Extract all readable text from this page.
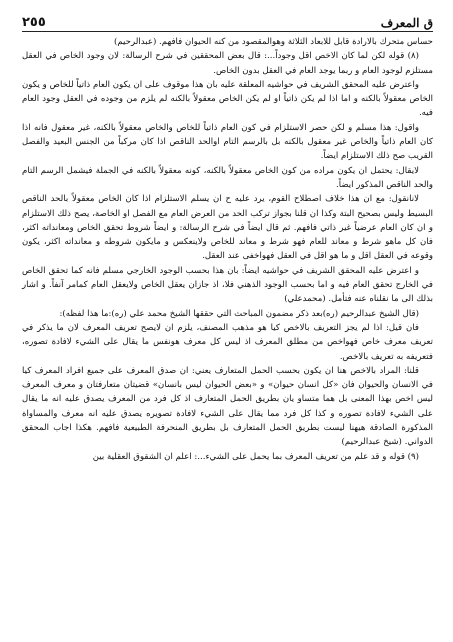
ق المعرف
٢٥٥

حساس متحرك بالارادة قابل للابعاد الثلاثة وهوالمقصود من كنه الحيوان فافهم. (عبدالرحيم)

(٨) قوله لكن لما كان الاخص اقل وجوداً...: قال بعض المحققين في شرح الرسالة: لان وجود الخاص في العقل مستلزم لوجود العام و ربما يوجد العام في العقل بدون الخاص.

واعترض عليه المحقق الشريف في حواشيه المعلقة عليه بان هذا موقوف على ان يكون العام ذاتياً للخاص و يكون الخاص معقولاً بالكنه و اما اذا لم يكن ذاتياً او لم يكن الخاص معقولاً بالكنه لم يلزم من وجوده في العقل وجود العام فيه.

واقول: هذا مسلم و لكن حصر الاستلزام في كون العام ذاتياً للخاص والخاص معقولاً بالكنه، غير معقول فانه اذا كان العام ذاتياً والخاص غير معقول بالكنه بل بالرسم التام اوالحد الناقص اذا كان مركباً من الجنس البعيد والفصل القريب صح ذلك الاستلزام ايضاً.

لايقال: يحتمل ان يكون مراده من كون الخاص معقولاً بالكنه، كونه معقولاً بالكنه في الجملة فيشمل الرسم التام والحد الناقص المذكور ايضاً.

لانانقول: مع ان هذا خلاف اصطلاح القوم، يرد عليه ح ان يسلم الاستلزام اذا كان الخاص معقولاً بالحد الناقص البسيط وليس بصحيح البتة وكذا ان قلنا بجواز تركب الحد من العرض العام مع الفصل او الخاصة، يصح ذلك الاستلزام و ان كان العام عرضياً غير ذاتي فافهم. ثم قال ايضاً في شرح الرسالة: و ايضاً شروط تحقق الخاص ومعانداته اكثر، فان كل ماهو شرط و معاند للعام فهو شرط و معاند للخاص ولاينعكس و مايكون شروطه و معانداته اكثر، يكون وقوعه في العقل اقل و ما هو اقل في العقل فهواخفى عند العقل.

و اعترض عليه المحقق الشريف في حواشيه ايضاً: بان هذا بحسب الوجود الخارجي مسلم فانه كما تحقق الخاص في الخارج تحقق العام فيه و اما بحسب الوجود الذهني فلا، اذ جازان يعقل الخاص ولايعقل العام كمامر آنفاً. و اشار بذلك الى ما نقلناه عنه فتأمل. (محمدعلي)

(قال الشيخ عبدالرحيم (ره)بعد ذكر مضمون المباحث التي حققها الشيخ محمد علي (ره):ما هذا لفظه):

فان قيل: اذا لم يجز التعريف بالاخص كيا هو مذهب المصنف، يلزم ان لايصح تعريف المعرف لان ما يذكر في تعريف معرف خاص فهواخص من مطلق المعرف اذ ليس كل معرف هونفس ما يقال على الشيء لافادة تصوره، فتعريفه به تعريف بالاخص.

قلنا: المراد بالاخص هنا ان يكون بحسب الحمل المتعارف يعني: ان صدق المعرف على جميع افراد المعرف كيا في الانسان والحيوان فان «كل انسان حيوان» و «بعض الحيوان ليس بانسان» قضيتان متعارفتان و معرف المعرف ليس اخص بهذا المعنى بل هما متساو يان بطريق الحمل المتعارف اذ كل فرد من المعرف يصدق عليه انه ما يقال على الشيء لافادة تصوره و كذا كل فرد مما يقال على الشيء لافادة تصويره يصدق عليه انه معرف والمساواة المذكورة الصادقة هيهنا ليست بطريق الحمل المتعارف بل بطريق المنحرفة الطبيعية فافهم. هكذا اجاب المحقق الدواني. (شيخ عبدالرحيم)

(٩) قوله و قد علم من تعريف المعرف بما يحمل على الشيء...: اعلم ان الشقوق العقلية بين
